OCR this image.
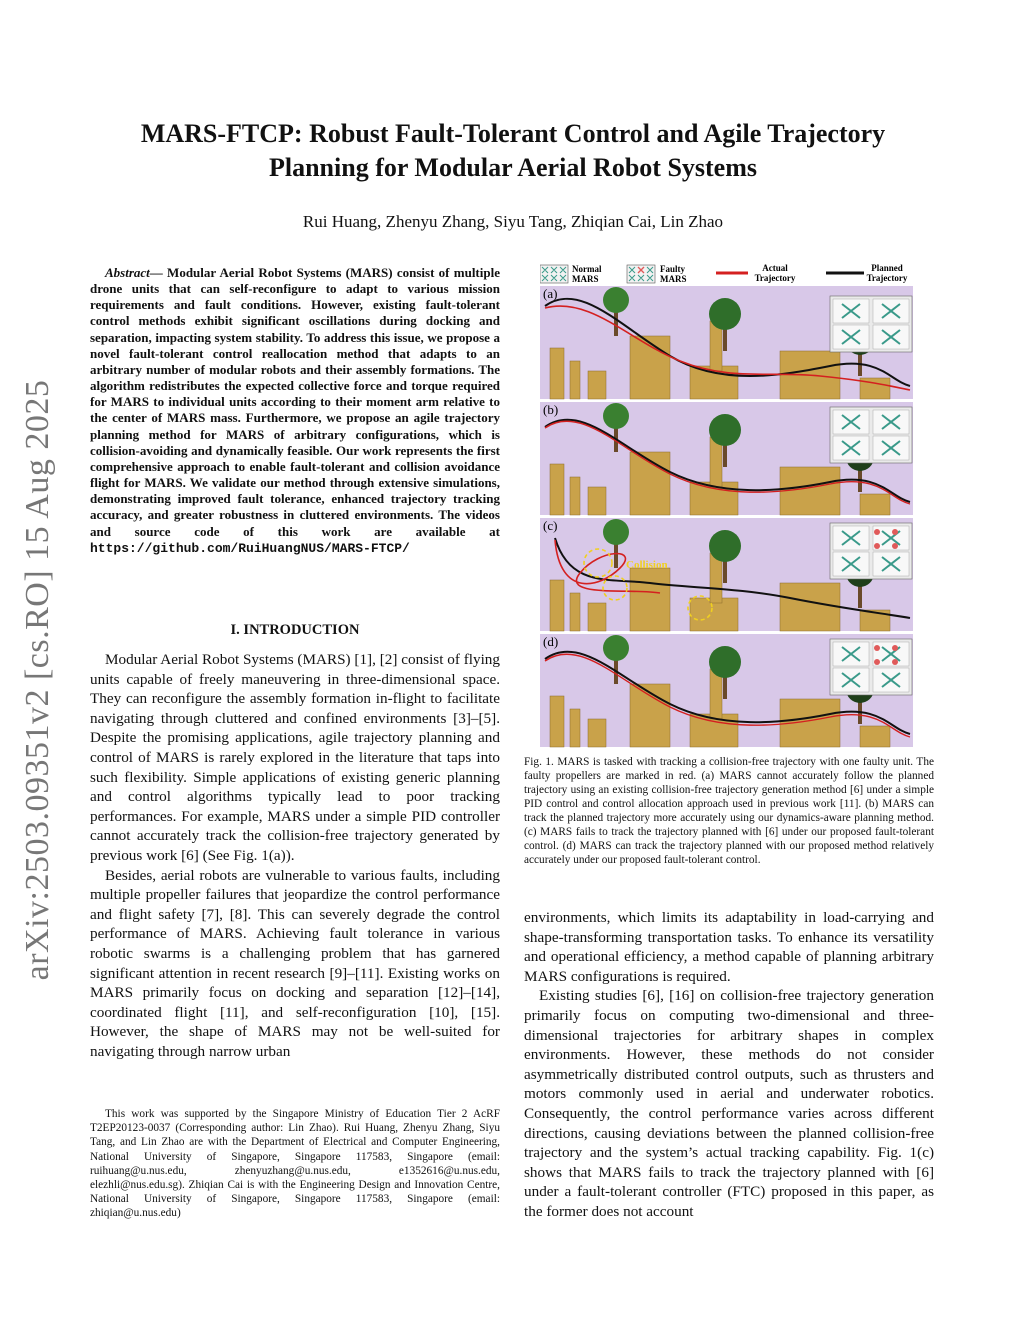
arXiv:2503.09351v2 [cs.RO] 15 Aug 2025
MARS-FTCP: Robust Fault-Tolerant Control and Agile Trajectory
Planning for Modular Aerial Robot Systems

Rui Huang, Zhenyu Zhang, Siyu Tang, Zhiqian Cai, Lin Zhao

Abstract— Modular Aerial Robot Systems (MARS) consist of multiple drone units that can self-reconfigure to adapt to various mission requirements and fault conditions. However, existing fault-tolerant control methods exhibit significant oscillations during docking and separation, impacting system stability. To address this issue, we propose a novel fault-tolerant control reallocation method that adapts to an arbitrary number of modular robots and their assembly formations. The algorithm redistributes the expected collective force and torque required for MARS to individual units according to their moment arm relative to the center of MARS mass. Furthermore, we propose an agile trajectory planning method for MARS of arbitrary configurations, which is collision-avoiding and dynamically feasible. Our work represents the first comprehensive approach to enable fault-tolerant and collision avoidance flight for MARS. We validate our method through extensive simulations, demonstrating improved fault tolerance, enhanced trajectory tracking accuracy, and greater robustness in cluttered environments. The videos and source code of this work are available at https://github.com/RuiHuangNUS/MARS-FTCP/

I. INTRODUCTION

Modular Aerial Robot Systems (MARS) [1], [2] consist of flying units capable of freely maneuvering in three-dimensional space. They can reconfigure the assembly formation in-flight to facilitate navigating through cluttered and confined environments [3]–[5]. Despite the promising applications, agile trajectory planning and control of MARS is rarely explored in the literature that taps into such flexibility. Simple applications of existing generic planning and control algorithms typically lead to poor tracking performances. For example, MARS under a simple PID controller cannot accurately track the collision-free trajectory generated by previous work [6] (See Fig. 1(a)).

Besides, aerial robots are vulnerable to various faults, including multiple propeller failures that jeopardize the control performance and flight safety [7], [8]. This can severely degrade the control performance of MARS. Achieving fault tolerance in various robotic swarms is a challenging problem that has garnered significant attention in recent research [9]–[11]. Existing works on MARS primarily focus on docking and separation [12]–[14], coordinated flight [11], and self-reconfiguration [10], [15]. However, the shape of MARS may not be well-suited for navigating through narrow urban

This work was supported by the Singapore Ministry of Education Tier 2 AcRF T2EP20123-0037 (Corresponding author: Lin Zhao). Rui Huang, Zhenyu Zhang, Siyu Tang, and Lin Zhao are with the Department of Electrical and Computer Engineering, National University of Singapore, Singapore 117583, Singapore (email: ruihuang@u.nus.edu, zhenyuzhang@u.nus.edu, e1352616@u.nus.edu, elezhli@nus.edu.sg). Zhiqian Cai is with the Engineering Design and Innovation Centre, National University of Singapore, Singapore 117583, Singapore (email: zhiqian@u.nus.edu)

Normal
MARS
Faulty
MARS
Actual
Trajectory
Planned
Trajectory
(a)
(b)
Collision
(c)
(d)

Fig. 1. MARS is tasked with tracking a collision-free trajectory with one faulty unit. The faulty propellers are marked in red. (a) MARS cannot accurately follow the planned trajectory using an existing collision-free trajectory generation method [6] under a simple PID control and control allocation approach used in previous work [11]. (b) MARS can track the planned trajectory more accurately using our dynamics-aware planning method. (c) MARS fails to track the trajectory planned with [6] under our proposed fault-tolerant control. (d) MARS can track the trajectory planned with our proposed method relatively accurately under our proposed fault-tolerant control.

environments, which limits its adaptability in load-carrying and shape-transforming transportation tasks. To enhance its versatility and operational efficiency, a method capable of planning arbitrary MARS configurations is required.

Existing studies [6], [16] on collision-free trajectory generation primarily focus on computing two-dimensional and three-dimensional trajectories for arbitrary shapes in complex environments. However, these methods do not consider asymmetrically distributed control outputs, such as thrusters and motors commonly used in aerial and underwater robotics. Consequently, the control performance varies across different directions, causing deviations between the planned collision-free trajectory and the system’s actual tracking capability. Fig. 1(c) shows that MARS fails to track the trajectory planned with [6] under a fault-tolerant controller (FTC) proposed in this paper, as the former does not account
